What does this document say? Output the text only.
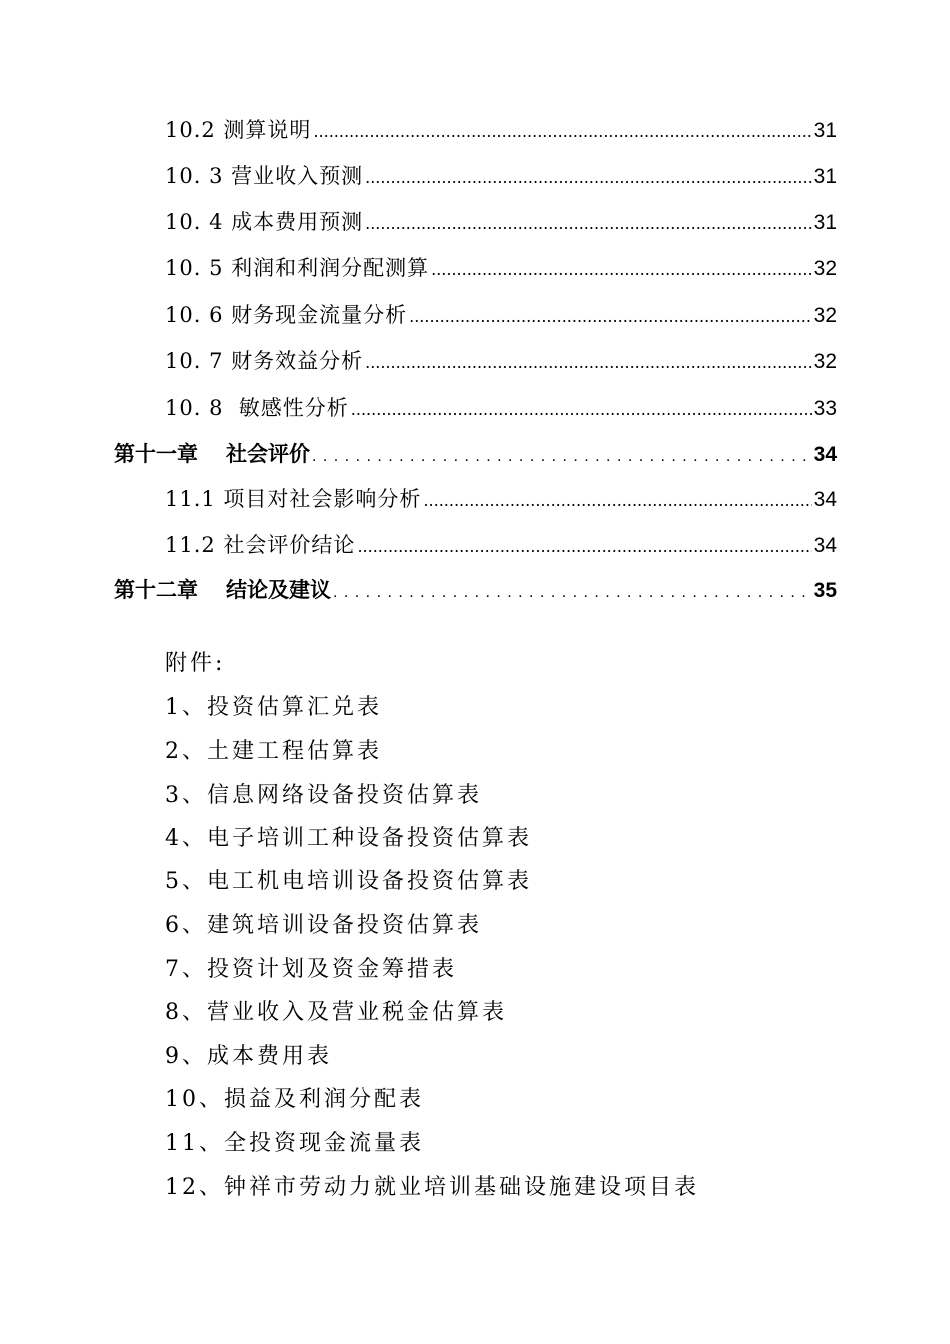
10.2 测算说明 .....	31
10. 3 营业收入预测 .....	31
10. 4 成本费用预测 .....	31
10. 5 利润和利润分配测算 .....	32
10. 6 财务现金流量分析 .....	32
10. 7 财务效益分析 .....	32
10. 8  敏感性分析 .....	33
第十一章 社会评价 . . .	34
11.1 项目对社会影响分析 .....	34
11.2 社会评价结论 .....	34
第十二章 结论及建议 . . .	35
附件:
1、投资估算汇兑表
2、土建工程估算表
3、信息网络设备投资估算表
4、电子培训工种设备投资估算表
5、电工机电培训设备投资估算表
6、建筑培训设备投资估算表
7、投资计划及资金筹措表
8、营业收入及营业税金估算表
9、成本费用表
10、损益及利润分配表
11、全投资现金流量表
12、钟祥市劳动力就业培训基础设施建设项目表
